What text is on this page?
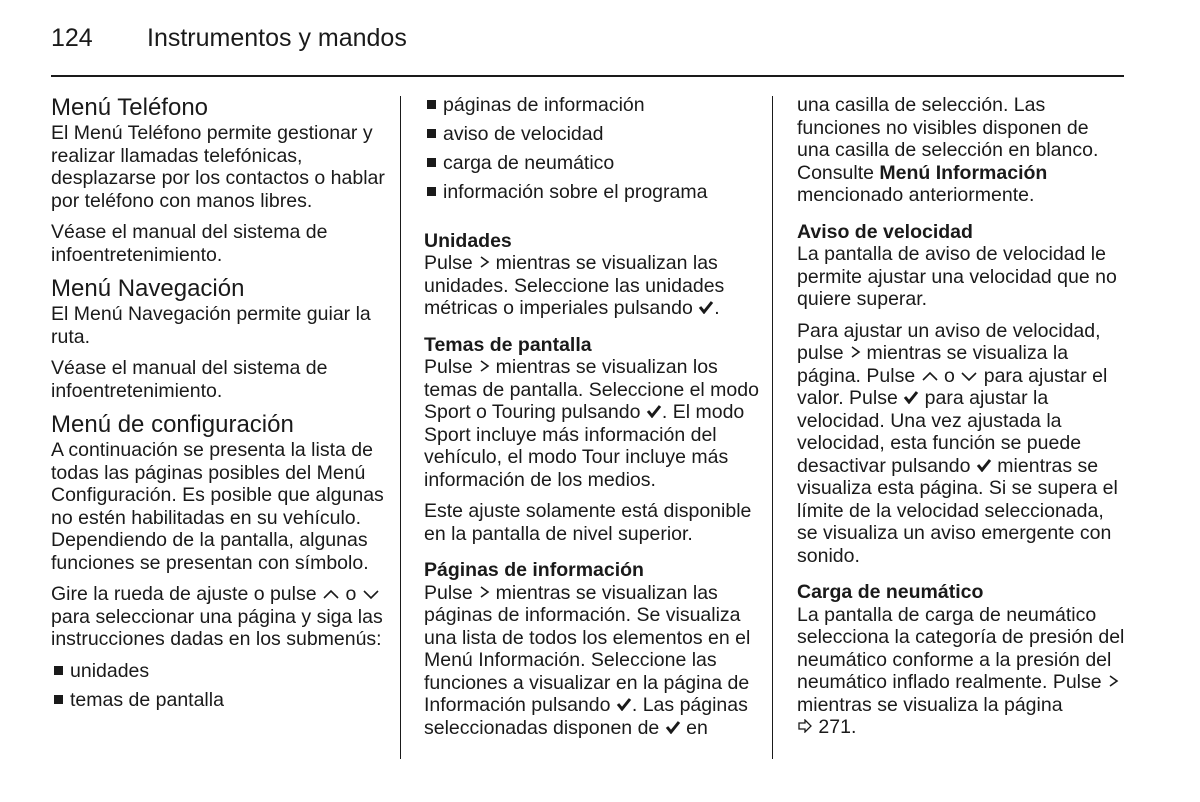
124 Instrumentos y mandos
Menú Teléfono

El Menú Teléfono permite gestionar y realizar llamadas telefónicas, desplazarse por los contactos o hablar por teléfono con manos libres.

Véase el manual del sistema de infoentretenimiento.

Menú Navegación

El Menú Navegación permite guiar la ruta.

Véase el manual del sistema de infoentretenimiento.

Menú de configuración

A continuación se presenta la lista de todas las páginas posibles del Menú Configuración. Es posible que algunas no estén habilitadas en su vehículo. Dependiendo de la pantalla, algunas funciones se presentan con símbolo.

Gire la rueda de ajuste o pulse o  para seleccionar una página y siga las instrucciones dadas en los submenús:

unidades
temas de pantalla
páginas de información
aviso de velocidad
carga de neumático
información sobre el programa
Unidades

Pulse mientras se visualizan las unidades. Seleccione las unidades métricas o imperiales pulsando .

Temas de pantalla

Pulse mientras se visualizan los temas de pantalla. Seleccione el modo Sport o Touring pulsando . El modo Sport incluye más información del vehículo, el modo Tour incluye más información de los medios.

Este ajuste solamente está disponible en la pantalla de nivel superior.

Páginas de información

Pulse mientras se visualizan las páginas de información. Se visualiza una lista de todos los elementos en el Menú Información. Seleccione las funciones a visualizar en la página de Información pulsando . Las páginas seleccionadas disponen de en

una casilla de selección. Las funciones no visibles disponen de una casilla de selección en blanco. Consulte Menú Información mencionado anteriormente.

Aviso de velocidad

La pantalla de aviso de velocidad le permite ajustar una velocidad que no quiere superar.

Para ajustar un aviso de velocidad, pulse mientras se visualiza la página. Pulse o para ajustar el valor. Pulse para ajustar la velocidad. Una vez ajustada la velocidad, esta función se puede desactivar pulsando mientras se visualiza esta página. Si se supera el límite de la velocidad seleccionada, se visualiza un aviso emergente con sonido.

Carga de neumático

La pantalla de carga de neumático selecciona la categoría de presión del neumático conforme a la presión del neumático inflado realmente. Pulse  mientras se visualiza la página
271.
